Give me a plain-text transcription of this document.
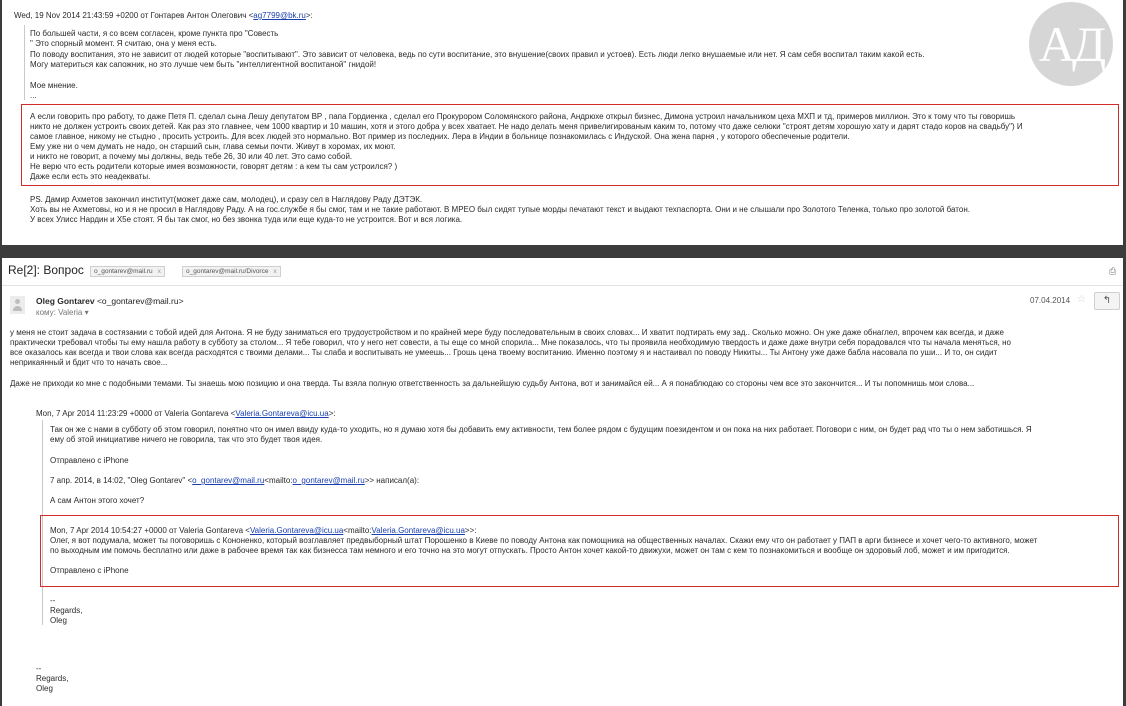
Wed, 19 Nov 2014 21:43:59 +0200 от Гонтарев Антон Олегович <ag7799@bk.ru>:
АД
По большей части, я со всем согласен, кроме пункта про "Совесть
" Это спорный момент. Я считаю, она у меня есть.
По поводу воспитания, это не зависит от людей которые "воспитывают". Это зависит от человека, ведь по сути воспитание, это внушение(своих правил и устоев). Есть люди легко внушаемые или нет. Я сам себя воспитал таким какой есть.
Могу материться как сапожник, но это лучше чем быть "интеллигентной воспитаной" гнидой!
Мое мнение.
...
А если говорить про работу, то даже Петя П. сделал сына Лешу депутатом ВР , папа Гордиенка , сделал его Прокурором Соломянского района, Андрюхе открыл бизнес, Димона устроил начальником цеха МХП и тд, примеров миллион. Это к тому что ты говоришь
никто не должен устроить своих детей. Как раз это главнее, чем 1000 квартир и 10 машин, хотя и этого добра у всех хватает. Не надо делать меня привелигированым каким то, потому что даже селюки "строят детям хорошую хату и дарят стадо коров на свадьбу") И
самое главное, никому не стыдно , просить устроить. Для всех людей это нормально. Вот пример из последних. Лера в Индии в больнице познакомилась с Индуской. Она жена парня , у которого обеспеченые родители.
Ему уже ни о чем думать не надо, он старший сын, глава семьи почти. Живут в хоромах, их моют.
и никто не говорит, а почему мы должны, ведь тебе 26, 30 или 40 лет. Это само собой.
Не верю что есть родители которые имея возможности, говорят детям : а кем ты сам устроился? )
Даже если есть это неадекваты.
PS. Дамир Ахметов закончил институт(может даже сам, молодец), и сразу сел в Наглядову Раду ДЭТЭК.
Хоть вы не Ахметовы, но и я не просил в Наглядову Раду. А на гос.службе я бы смог, там и не такие работают. В МРЕО был сидят тупые морды печатают текст и выдают техпаспорта. Они и не слышали про Золотого Теленка, только про золотой батон.
У всех Улисс Нардин и Х5е стоят. Я бы так смог, но без звонка туда или еще куда-то не устроится. Вот и вся логика.
Re[2]: Вопрос	o_gontarev@mail.ru x	o_gontarev@mail.ru/Divorce x	⎙
Oleg Gontarev <o_gontarev@mail.ru>
кому: Valeria ▾
07.04.2014 ☆	↰
у меня не стоит задача в состязании с тобой идей для Антона. Я не буду заниматься его трудоустройством и по крайней мере буду последовательным в своих словах... И хватит подтирать ему зад.. Сколько можно. Он уже даже обнаглел, впрочем как всегда, и даже
практически требовал чтобы ты ему нашла работу в субботу за столом... Я тебе говорил, что у него нет совести, а ты еще со мной спорила... Мне показалось, что ты проявила необходимую твердость и даже даже внутри себя порадовался что ты начала меняться, но
все оказалось как всегда и твои слова как всегда расходятся с твоими делами... Ты слаба и воспитывать не умеешь... Грошь цена твоему воспитанию. Именно поэтому я и настаивал по поводу Никиты... Ты Антону уже даже бабла насовала по уши... И то, он сидит
неприкаянный и бдит что то начать свое...
Даже не приходи ко мне с подобными темами. Ты знаешь мою позицию и она тверда. Ты взяла полную ответственность за дальнейшую судьбу Антона, вот и занимайся ей... А я понаблюдаю со стороны чем все это закончится... И ты попомнишь мои слова...
Mon, 7 Apr 2014 11:23:29 +0000 от Valeria Gontareva <Valeria.Gontareva@icu.ua>:
Так он же с нами в субботу об этом говорил, понятно что он имел ввиду куда-то уходить, но я думаю хотя бы добавить ему активности, тем более рядом с будущим поезидентом и он пока на них работает. Поговори с ним, он будет рад что ты о нем заботишься. Я
ему об этой инициативе ничего не говорила, так что это будет твоя идея.
Отправлено с iPhone
7 апр. 2014, в 14:02, "Oleg Gontarev" <o_gontarev@mail.ru<mailto:o_gontarev@mail.ru>> написал(а):
А сам Антон этого хочет?
Mon, 7 Apr 2014 10:54:27 +0000 от Valeria Gontareva <Valeria.Gontareva@icu.ua<mailto:Valeria.Gontareva@icu.ua>>:
Олег, я вот подумала, может ты поговоришь с Кононенко, который возглавляет предвыборный штат Порошенко в Киеве по поводу Антона как помощника на общественных началах. Скажи ему что он работает у ПАП в арги бизнесе и хочет чего-то активного, может
по выходным им помочь бесплатно или даже в рабочее время так как бизнесса там немного и его точно на это могут отпускать. Просто Антон хочет какой-то движухи, может он там с кем то познакомиться и вообще он здоровый лоб, может и им пригодится.
Отправлено с iPhone
--
Regards,
Oleg
--
Regards,
Oleg
